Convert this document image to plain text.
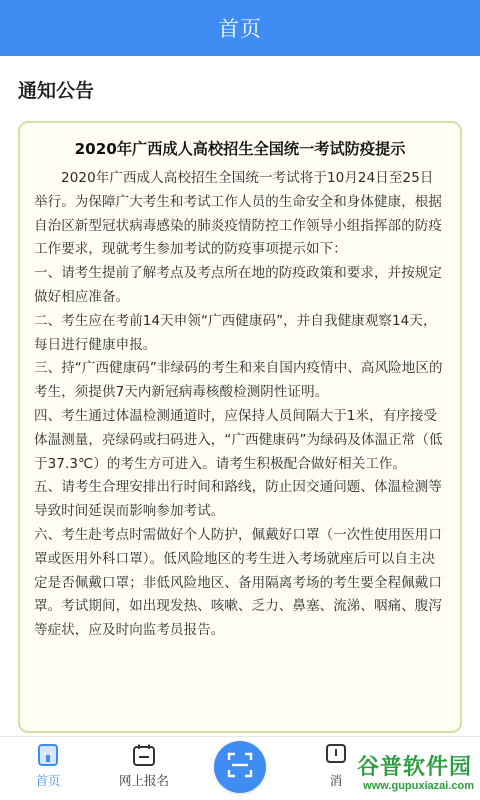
首页
通知公告
2020年广西成人高校招生全国统一考试防疫提示

2020年广西成人高校招生全国统一考试将于10月24日至25日举行。为保障广大考生和考试工作人员的生命安全和身体健康，根据自治区新型冠状病毒感染的肺炎疫情防控工作领导小组指挥部的防疫工作要求，现就考生参加考试的防疫事项提示如下：

一、请考生提前了解考点及考点所在地的防疫政策和要求，并按规定做好相应准备。

二、考生应在考前14天申领“广西健康码”，并自我健康观察14天，每日进行健康申报。

三、持“广西健康码”非绿码的考生和来自国内疫情中、高风险地区的考生，须提供7天内新冠病毒核酸检测阴性证明。

四、考生通过体温检测通道时，应保持人员间隔大于1米，有序接受体温测量，亮绿码或扫码进入，“广西健康码”为绿码及体温正常（低于37.3℃）的考生方可进入。请考生积极配合做好相关工作。

五、请考生合理安排出行时间和路线，防止因交通问题、体温检测等导致时间延误而影响参加考试。

六、考生赴考点时需做好个人防护，佩戴好口罩（一次性使用医用口罩或医用外科口罩）。低风险地区的考生进入考场就座后可以自主决定是否佩戴口罩；非低风险地区、备用隔离考场的考生要全程佩戴口罩。考试期间，如出现发热、咳嗽、乏力、鼻塞、流涕、咽痛、腹泻等症状，应及时向监考员报告。

首页	网上报名	消
谷普软件园
www.gupuxiazai.com
